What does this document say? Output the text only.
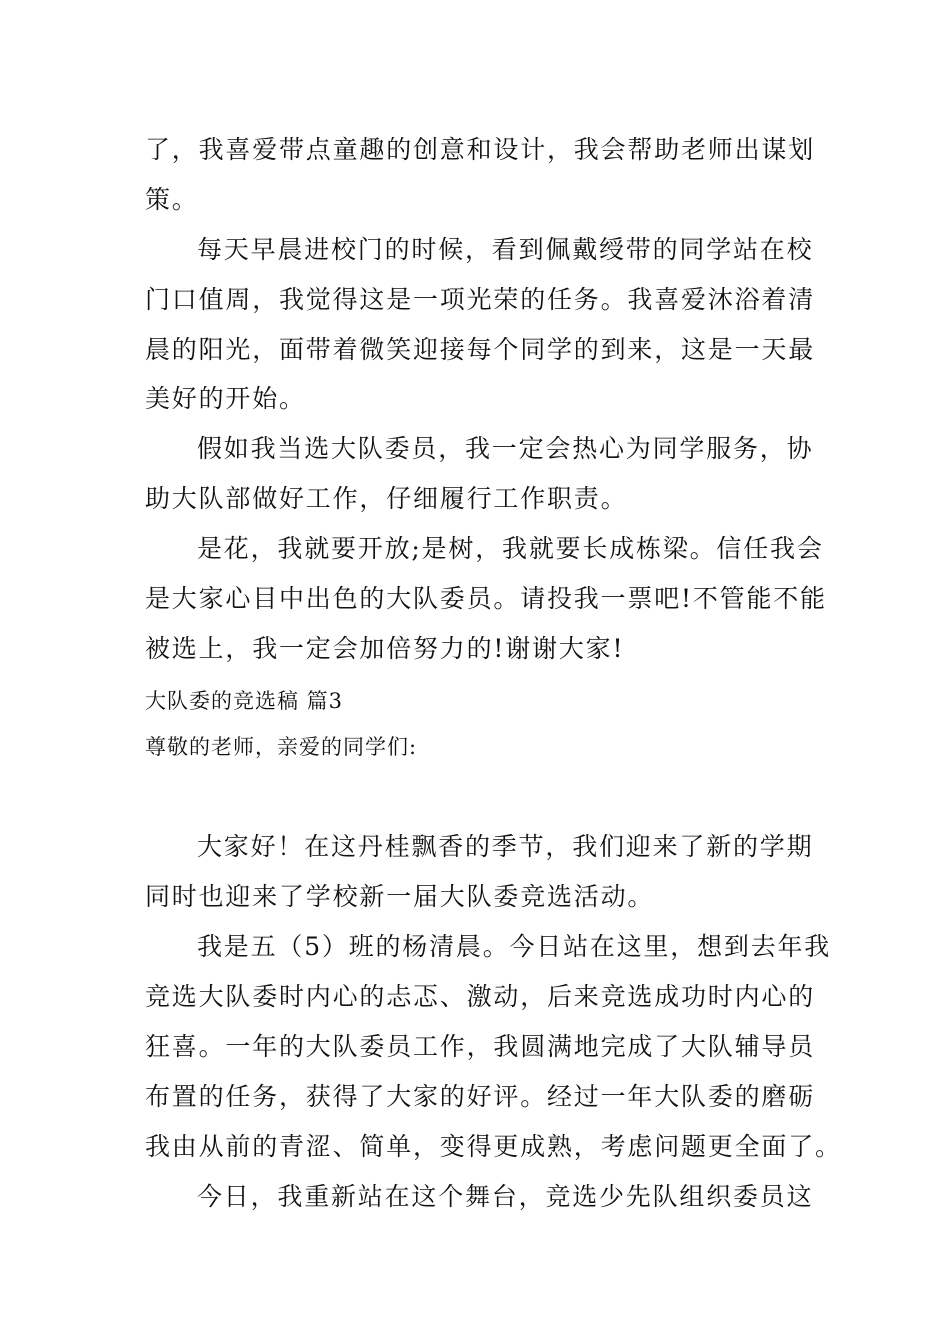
了，我喜爱带点童趣的创意和设计，我会帮助老师出谋划
策。
每天早晨进校门的时候，看到佩戴绶带的同学站在校
门口值周，我觉得这是一项光荣的任务。我喜爱沐浴着清
晨的阳光，面带着微笑迎接每个同学的到来，这是一天最
美好的开始。
假如我当选大队委员，我一定会热心为同学服务，协
助大队部做好工作，仔细履行工作职责。
是花，我就要开放;是树，我就要长成栋梁。信任我会
是大家心目中出色的大队委员。请投我一票吧!不管能不能
被选上，我一定会加倍努力的!谢谢大家!
大队委的竞选稿 篇3
尊敬的老师，亲爱的同学们:
大家好！在这丹桂飘香的季节，我们迎来了新的学期
同时也迎来了学校新一届大队委竞选活动。
我是五（5）班的杨清晨。今日站在这里，想到去年我
竞选大队委时内心的忐忑、激动，后来竞选成功时内心的
狂喜。一年的大队委员工作，我圆满地完成了大队辅导员
布置的任务，获得了大家的好评。经过一年大队委的磨砺
我由从前的青涩、简单，变得更成熟，考虑问题更全面了。
今日，我重新站在这个舞台，竞选少先队组织委员这
